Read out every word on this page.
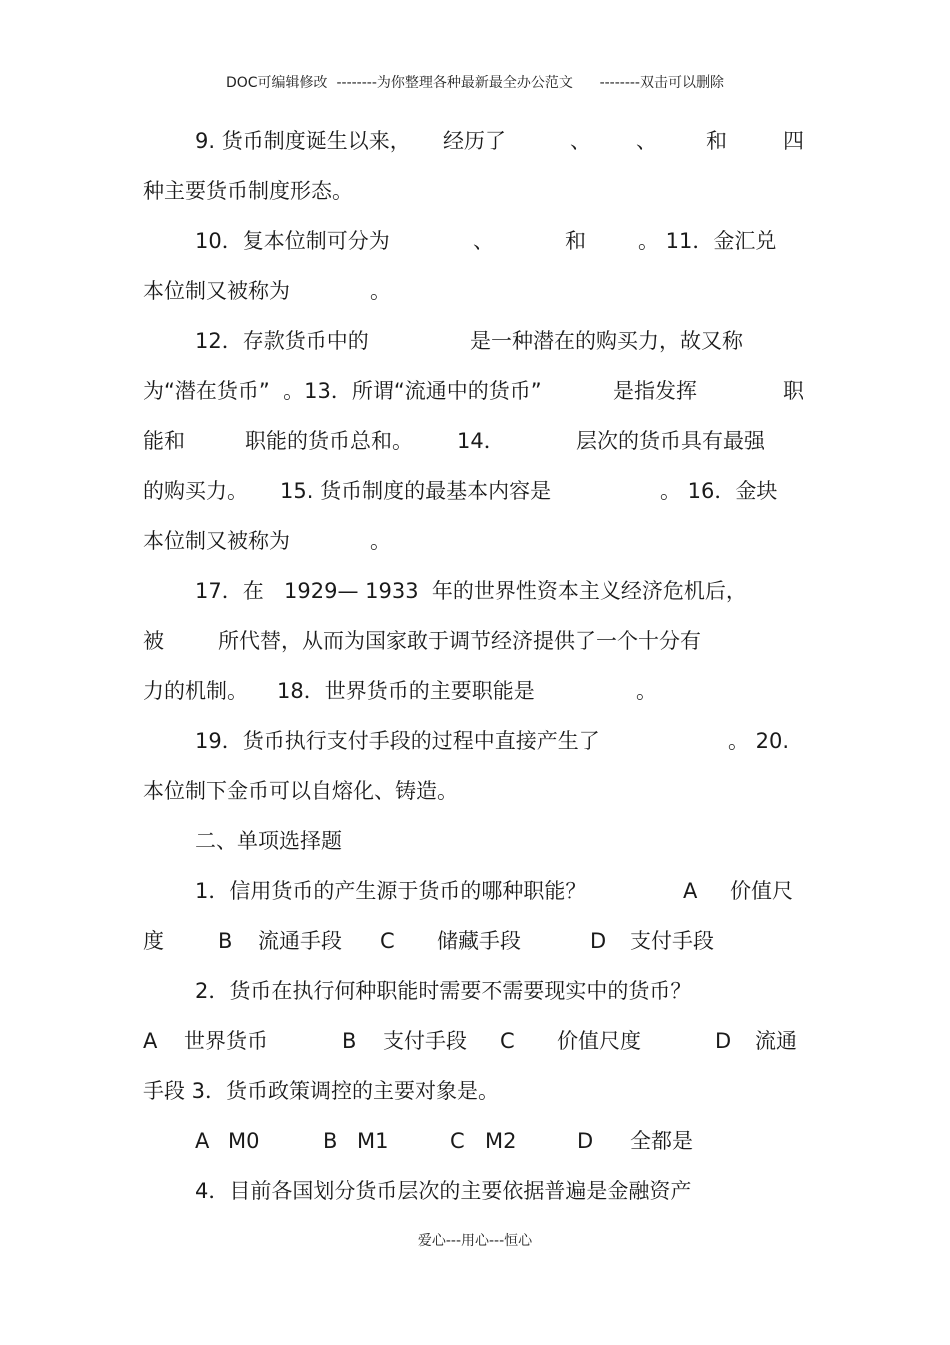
DOC可编辑修改  --------为你整理各种最新最全办公范文      --------双击可以删除
9. 货币制度诞生以来， 经历了	、 、 和	四
种主要货币制度形态。
10．复本位制可分为	、	和 。 11．金汇兑
本位制又被称为	。
12．存款货币中的	是一种潜在的购买力，故又称
为“潜在货币”  。13．所谓“流通中的货币”	是指发挥	职
能和	职能的货币总和。 14．	层次的货币具有最强
的购买力。 15. 货币制度的最基本内容是	。 16．金块
本位制又被称为	。
17．在 1929— 1933  年的世界性资本主义经济危机后，
被	所代替，从而为国家敢于调节经济提供了一个十分有
力的机制。 18．世界货币的主要职能是	。
19．货币执行支付手段的过程中直接产生了	。 20.
本位制下金币可以自熔化、铸造。
二、单项选择题
1．信用货币的产生源于货币的哪种职能？	A 价值尺
度	B 流通手段 C 储藏手段	D 支付手段
2．货币在执行何种职能时需要不需要现实中的货币？
A 世界货币	B 支付手段 C 价值尺度	D 流通
手段 3．货币政策调控的主要对象是。
A M0	B M1	C M2	D 全都是
4．目前各国划分货币层次的主要依据普遍是金融资产
爱心---用心---恒心
